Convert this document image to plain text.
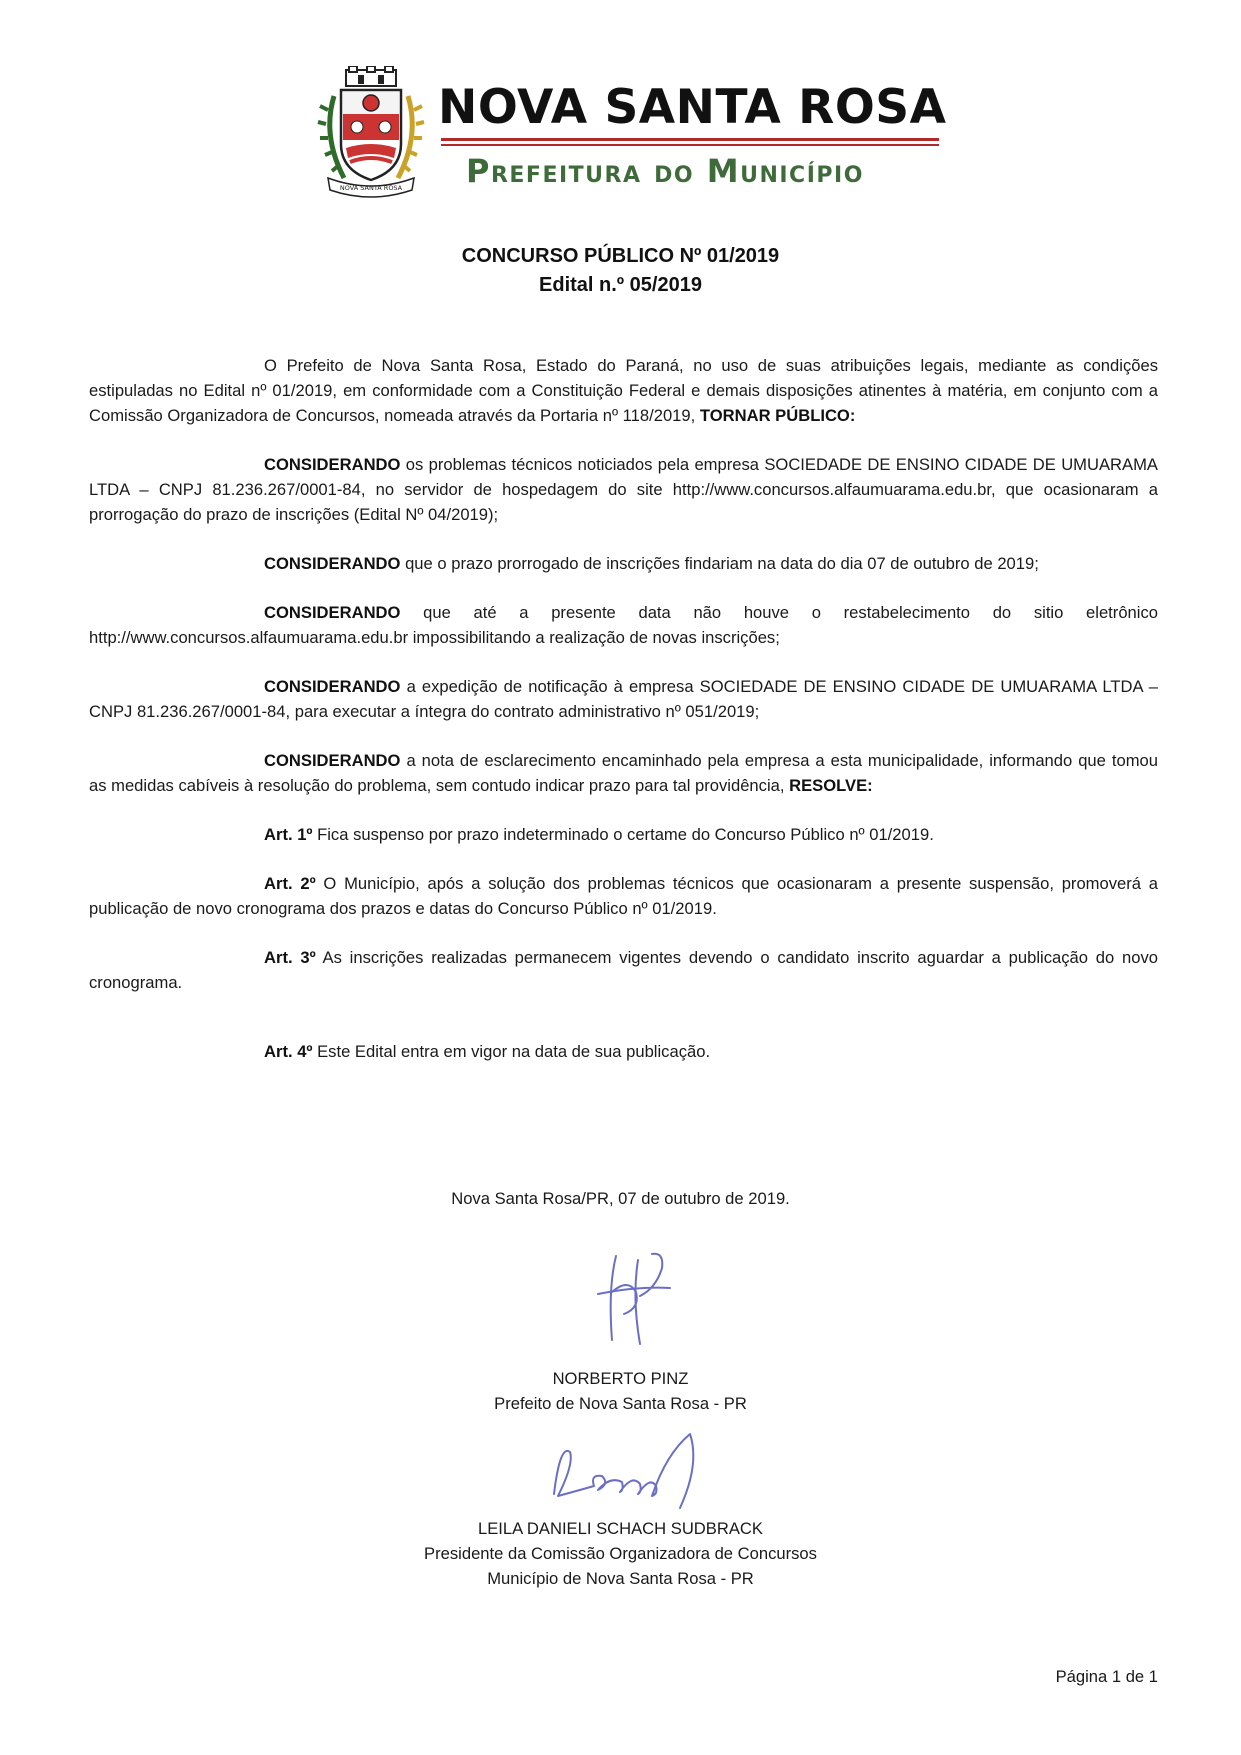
NOVA SANTA ROSA
NOVA SANTA ROSA
Prefeitura do Município
CONCURSO PÚBLICO Nº 01/2019
Edital n.º 05/2019

O Prefeito de Nova Santa Rosa, Estado do Paraná, no uso de suas atribuições legais, mediante as condições estipuladas no Edital nº 01/2019, em conformidade com a Constituição Federal e demais disposições atinentes à matéria, em conjunto com a Comissão Organizadora de Concursos, nomeada através da Portaria nº 118/2019, TORNAR PÚBLICO:

CONSIDERANDO os problemas técnicos noticiados pela empresa SOCIEDADE DE ENSINO CIDADE DE UMUARAMA LTDA – CNPJ 81.236.267/0001-84, no servidor de hospedagem do site http://www.concursos.alfaumuarama.edu.br, que ocasionaram a prorrogação do prazo de inscrições (Edital Nº 04/2019);

CONSIDERANDO que o prazo prorrogado de inscrições findariam na data do dia 07 de outubro de 2019;

CONSIDERANDO que até a presente data não houve o restabelecimento do sitio eletrônico http://www.concursos.alfaumuarama.edu.br impossibilitando a realização de novas inscrições;

CONSIDERANDO a expedição de notificação à empresa SOCIEDADE DE ENSINO CIDADE DE UMUARAMA LTDA – CNPJ 81.236.267/0001-84, para executar a íntegra do contrato administrativo nº 051/2019;

CONSIDERANDO a nota de esclarecimento encaminhado pela empresa a esta municipalidade, informando que tomou as medidas cabíveis à resolução do problema, sem contudo indicar prazo para tal providência, RESOLVE:

Art. 1º Fica suspenso por prazo indeterminado o certame do Concurso Público nº 01/2019.

Art. 2º O Município, após a solução dos problemas técnicos que ocasionaram a presente suspensão, promoverá a publicação de novo cronograma dos prazos e datas do Concurso Público nº 01/2019.

Art. 3º As inscrições realizadas permanecem vigentes devendo o candidato inscrito aguardar a publicação do novo cronograma.

Art. 4º Este Edital entra em vigor na data de sua publicação.

Nova Santa Rosa/PR, 07 de outubro de 2019.
NORBERTO PINZ
Prefeito de Nova Santa Rosa - PR
LEILA DANIELI SCHACH SUDBRACK
Presidente da Comissão Organizadora de Concursos
Município de Nova Santa Rosa - PR
Página 1 de 1
